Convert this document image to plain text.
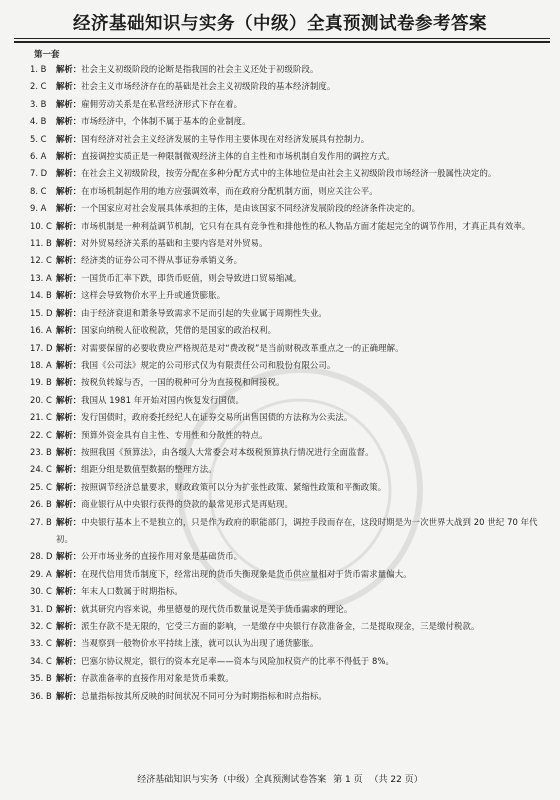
经济基础知识与实务（中级）全真预测试卷参考答案
第一套
1. B	解析：社会主义初级阶段的论断是指我国的社会主义还处于初级阶段。
2. C	解析：社会主义市场经济存在的基础是社会主义初级阶段的基本经济制度。
3. B	解析：雇佣劳动关系是在私营经济形式下存在着。
4. B	解析：市场经济中，个体制不属于基本的企业制度。
5. C	解析：国有经济对社会主义经济发展的主导作用主要体现在对经济发展具有控制力。
6. A	解析：直接调控实质正是一种限制微观经济主体的自主性和市场机制自发作用的调控方式。
7. D	解析：在社会主义初级阶段，按劳分配在多种分配方式中的主体地位是由社会主义初级阶段市场经济一般属性决定的。
8. C	解析：在市场机制起作用的地方应强调效率，而在政府分配机制方面，则应关注公平。
9. A	解析：一个国家应对社会发展具体承担的主体，是由该国家不同经济发展阶段的经济条件决定的。
10. C 解析：市场机制是一种利益调节机制，它只有在具有竞争性和排他性的私人物品方面才能起完全的调节作用，才真正具有效率。
11. B 解析：对外贸易经济关系的基础和主要内容是对外贸易。
12. C 解析：经济类的证券公司不得从事证券承销义务。
13. A 解析：一国货币汇率下跌，即货币贬值，则会导致进口贸易缩减。
14. B 解析：这样会导致物价水平上升或通货膨胀。
15. D 解析：由于经济衰退和萧条导致需求不足而引起的失业属于周期性失业。
16. A 解析：国家向纳税人征收税款，凭借的是国家的政治权利。
17. D 解析：对需要保留的必要收费应严格规范是对“费改税”是当前财税改革重点之一的正确理解。
18. A 解析：我国《公司法》规定的公司形式仅为有限责任公司和股份有限公司。
19. B 解析：按税负转嫁与否，一国的税种可分为直接税和间接税。
20. C 解析：我国从 1981 年开始对国内恢复发行国债。
21. C 解析：发行国债时，政府委托经纪人在证券交易所出售国债的方法称为公卖法。
22. C 解析：预算外资金具有自主性、专用性和分散性的特点。
23. B 解析：按照我国《预算法》，由各级人大常委会对本级税预算执行情况进行全面监督。
24. C 解析：组距分组是数值型数据的整理方法。
25. C 解析：按照调节经济总量要求，财政政策可以分为扩张性政策、紧缩性政策和平衡政策。
26. B 解析：商业银行从中央银行获得的贷款的最常见形式是再贴现。
27. B 解析：中央银行基本上不是独立的，只是作为政府的职能部门，调控手段而存在，这段时期是为一次世界大战到 20 世纪 70 年代初。
28. D 解析：公开市场业务的直接作用对象是基础货币。
29. A 解析：在现代信用货币制度下，经常出现的货币失衡现象是货币供应量相对于货币需求量偏大。
30. C 解析：年末人口数属于时期指标。
31. D 解析：就其研究内容来说，弗里德曼的现代货币数量说是关于货币需求的理论。
32. C 解析：派生存款不是无限的，它受三方面的影响，一是缴存中央银行存款准备金，二是提取现金，三是缴付税款。
33. C 解析：当观察到一般物价水平持续上涨，就可以认为出现了通货膨胀。
34. C 解析：巴塞尔协议规定，银行的资本充足率——资本与风险加权资产的比率不得低于 8%。
35. B 解析：存款准备率的直接作用对象是货币乘数。
36. B 解析：总量指标按其所反映的时间状况不同可分为时期指标和时点指标。
经济基础知识与实务（中级）全真预测试卷答案 第 1 页 （共 22 页）
